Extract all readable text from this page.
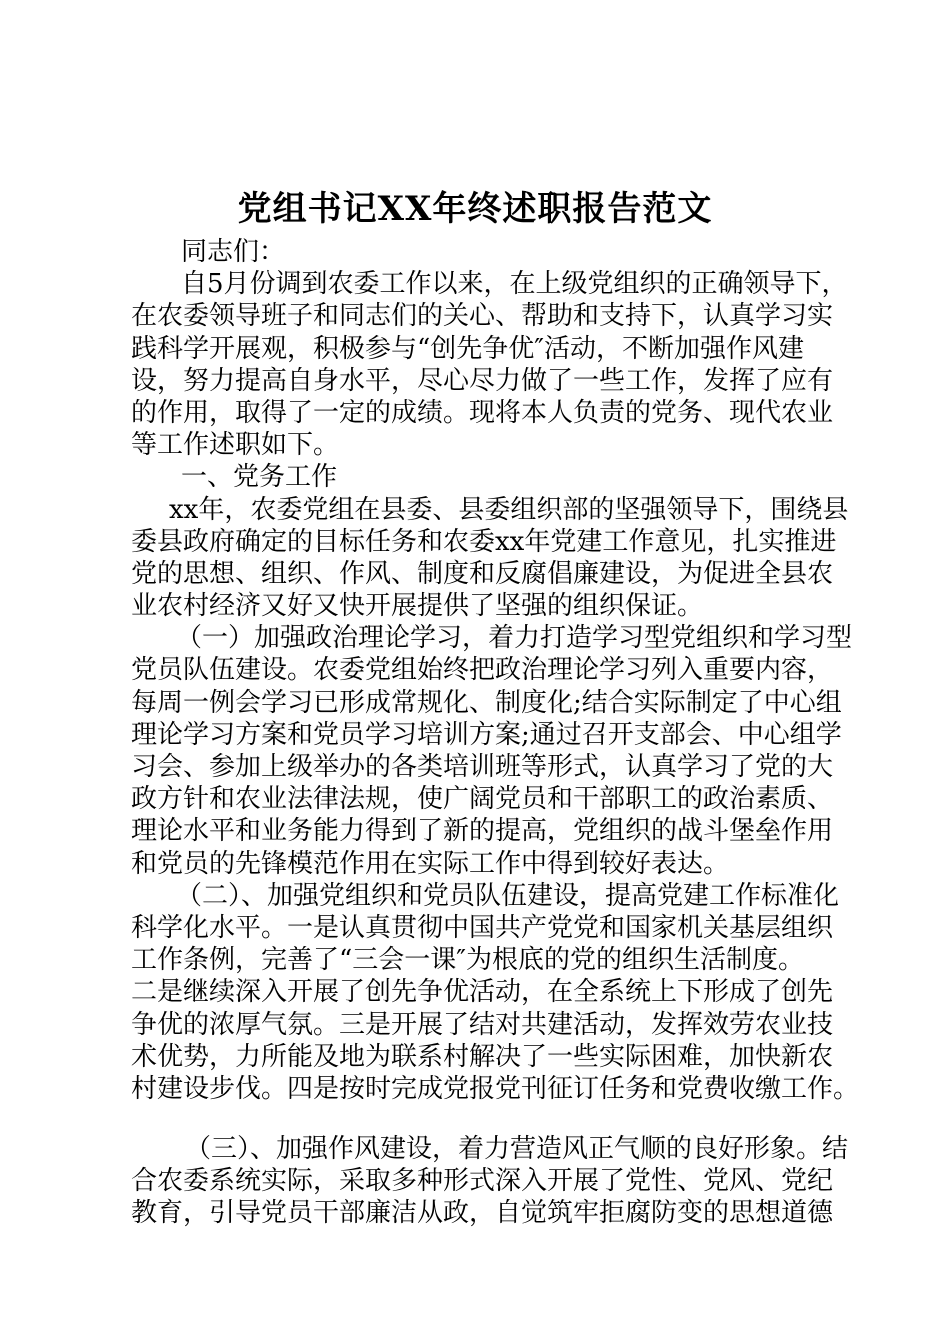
党组书记XX年终述职报告范文
同志们：
自5月份调到农委工作以来，在上级党组织的正确领导下，
在农委领导班子和同志们的关心、帮助和支持下，认真学习实
践科学开展观，积极参与“创先争优″活动，不断加强作风建
设，努力提高自身水平，尽心尽力做了一些工作，发挥了应有
的作用，取得了一定的成绩。现将本人负责的党务、现代农业
等工作述职如下。
一、党务工作
xx年，农委党组在县委、县委组织部的坚强领导下，围绕县
委县政府确定的目标任务和农委xx年党建工作意见，扎实推进
党的思想、组织、作风、制度和反腐倡廉建设，为促进全县农
业农村经济又好又快开展提供了坚强的组织保证。
（一）加强政治理论学习，着力打造学习型党组织和学习型
党员队伍建设。农委党组始终把政治理论学习列入重要内容，
每周一例会学习已形成常规化、制度化;结合实际制定了中心组
理论学习方案和党员学习培训方案;通过召开支部会、中心组学
习会、参加上级举办的各类培训班等形式，认真学习了党的大
政方针和农业法律法规，使广阔党员和干部职工的政治素质、
理论水平和业务能力得到了新的提高，党组织的战斗堡垒作用
和党员的先锋模范作用在实际工作中得到较好表达。
（二）、加强党组织和党员队伍建设，提高党建工作标准化
科学化水平。一是认真贯彻中国共产党党和国家机关基层组织
工作条例，完善了“三会一课″为根底的党的组织生活制度。
二是继续深入开展了创先争优活动，在全系统上下形成了创先
争优的浓厚气氛。三是开展了结对共建活动，发挥效劳农业技
术优势，力所能及地为联系村解决了一些实际困难，加快新农
村建设步伐。四是按时完成党报党刊征订任务和党费收缴工作。
（三）、加强作风建设，着力营造风正气顺的良好形象。结
合农委系统实际，采取多种形式深入开展了党性、党风、党纪
教育，引导党员干部廉洁从政，自觉筑牢拒腐防变的思想道德
